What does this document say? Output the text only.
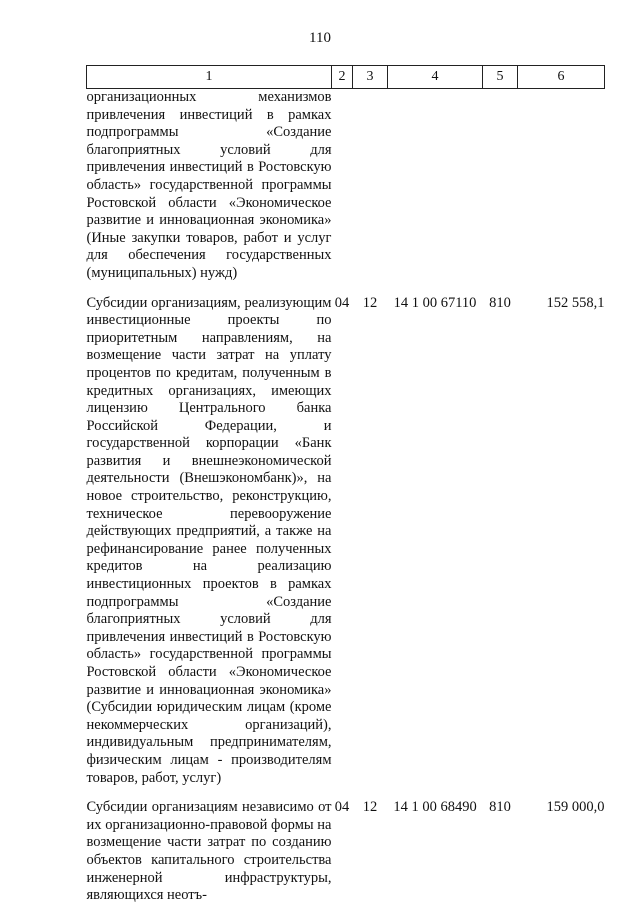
110
1	2	3	4	5	6
организационных механизмов привлечения инвестиций в рамках подпрограммы «Создание благоприятных условий для привлечения инвестиций в Ростовскую область» государственной программы Ростовской области «Экономическое развитие и инновационная экономика» (Иные закупки товаров, работ и услуг для обеспечения государственных (муниципальных) нужд)					
Субсидии организациям, реализующим инвестиционные проекты по приоритетным направлениям, на возмещение части затрат на уплату процентов по кредитам, полученным в кредитных организациях, имеющих лицензию Центрального банка Российской Федерации, и государственной корпорации «Банк развития и внешнеэкономической деятельности (Внешэкономбанк)», на новое строительство, реконструкцию, техническое перевооружение действующих предприятий, а также на рефинансирование ранее полученных кредитов на реализацию инвестиционных проектов в рамках подпрограммы «Создание благоприятных условий для привлечения инвестиций в Ростовскую область» государственной программы Ростовской области «Экономическое развитие и инновационная экономика» (Субсидии юридическим лицам (кроме некоммерческих организаций), индивидуальным предпринимателям, физическим лицам - производителям товаров, работ, услуг)	04	12	14 1 00 67110	810	152 558,1
Субсидии организациям независимо от их организационно-правовой формы на возмещение части затрат по созданию объектов капитального строительства инженерной инфраструктуры, являющихся неотъ-	04	12	14 1 00 68490	810	159 000,0
